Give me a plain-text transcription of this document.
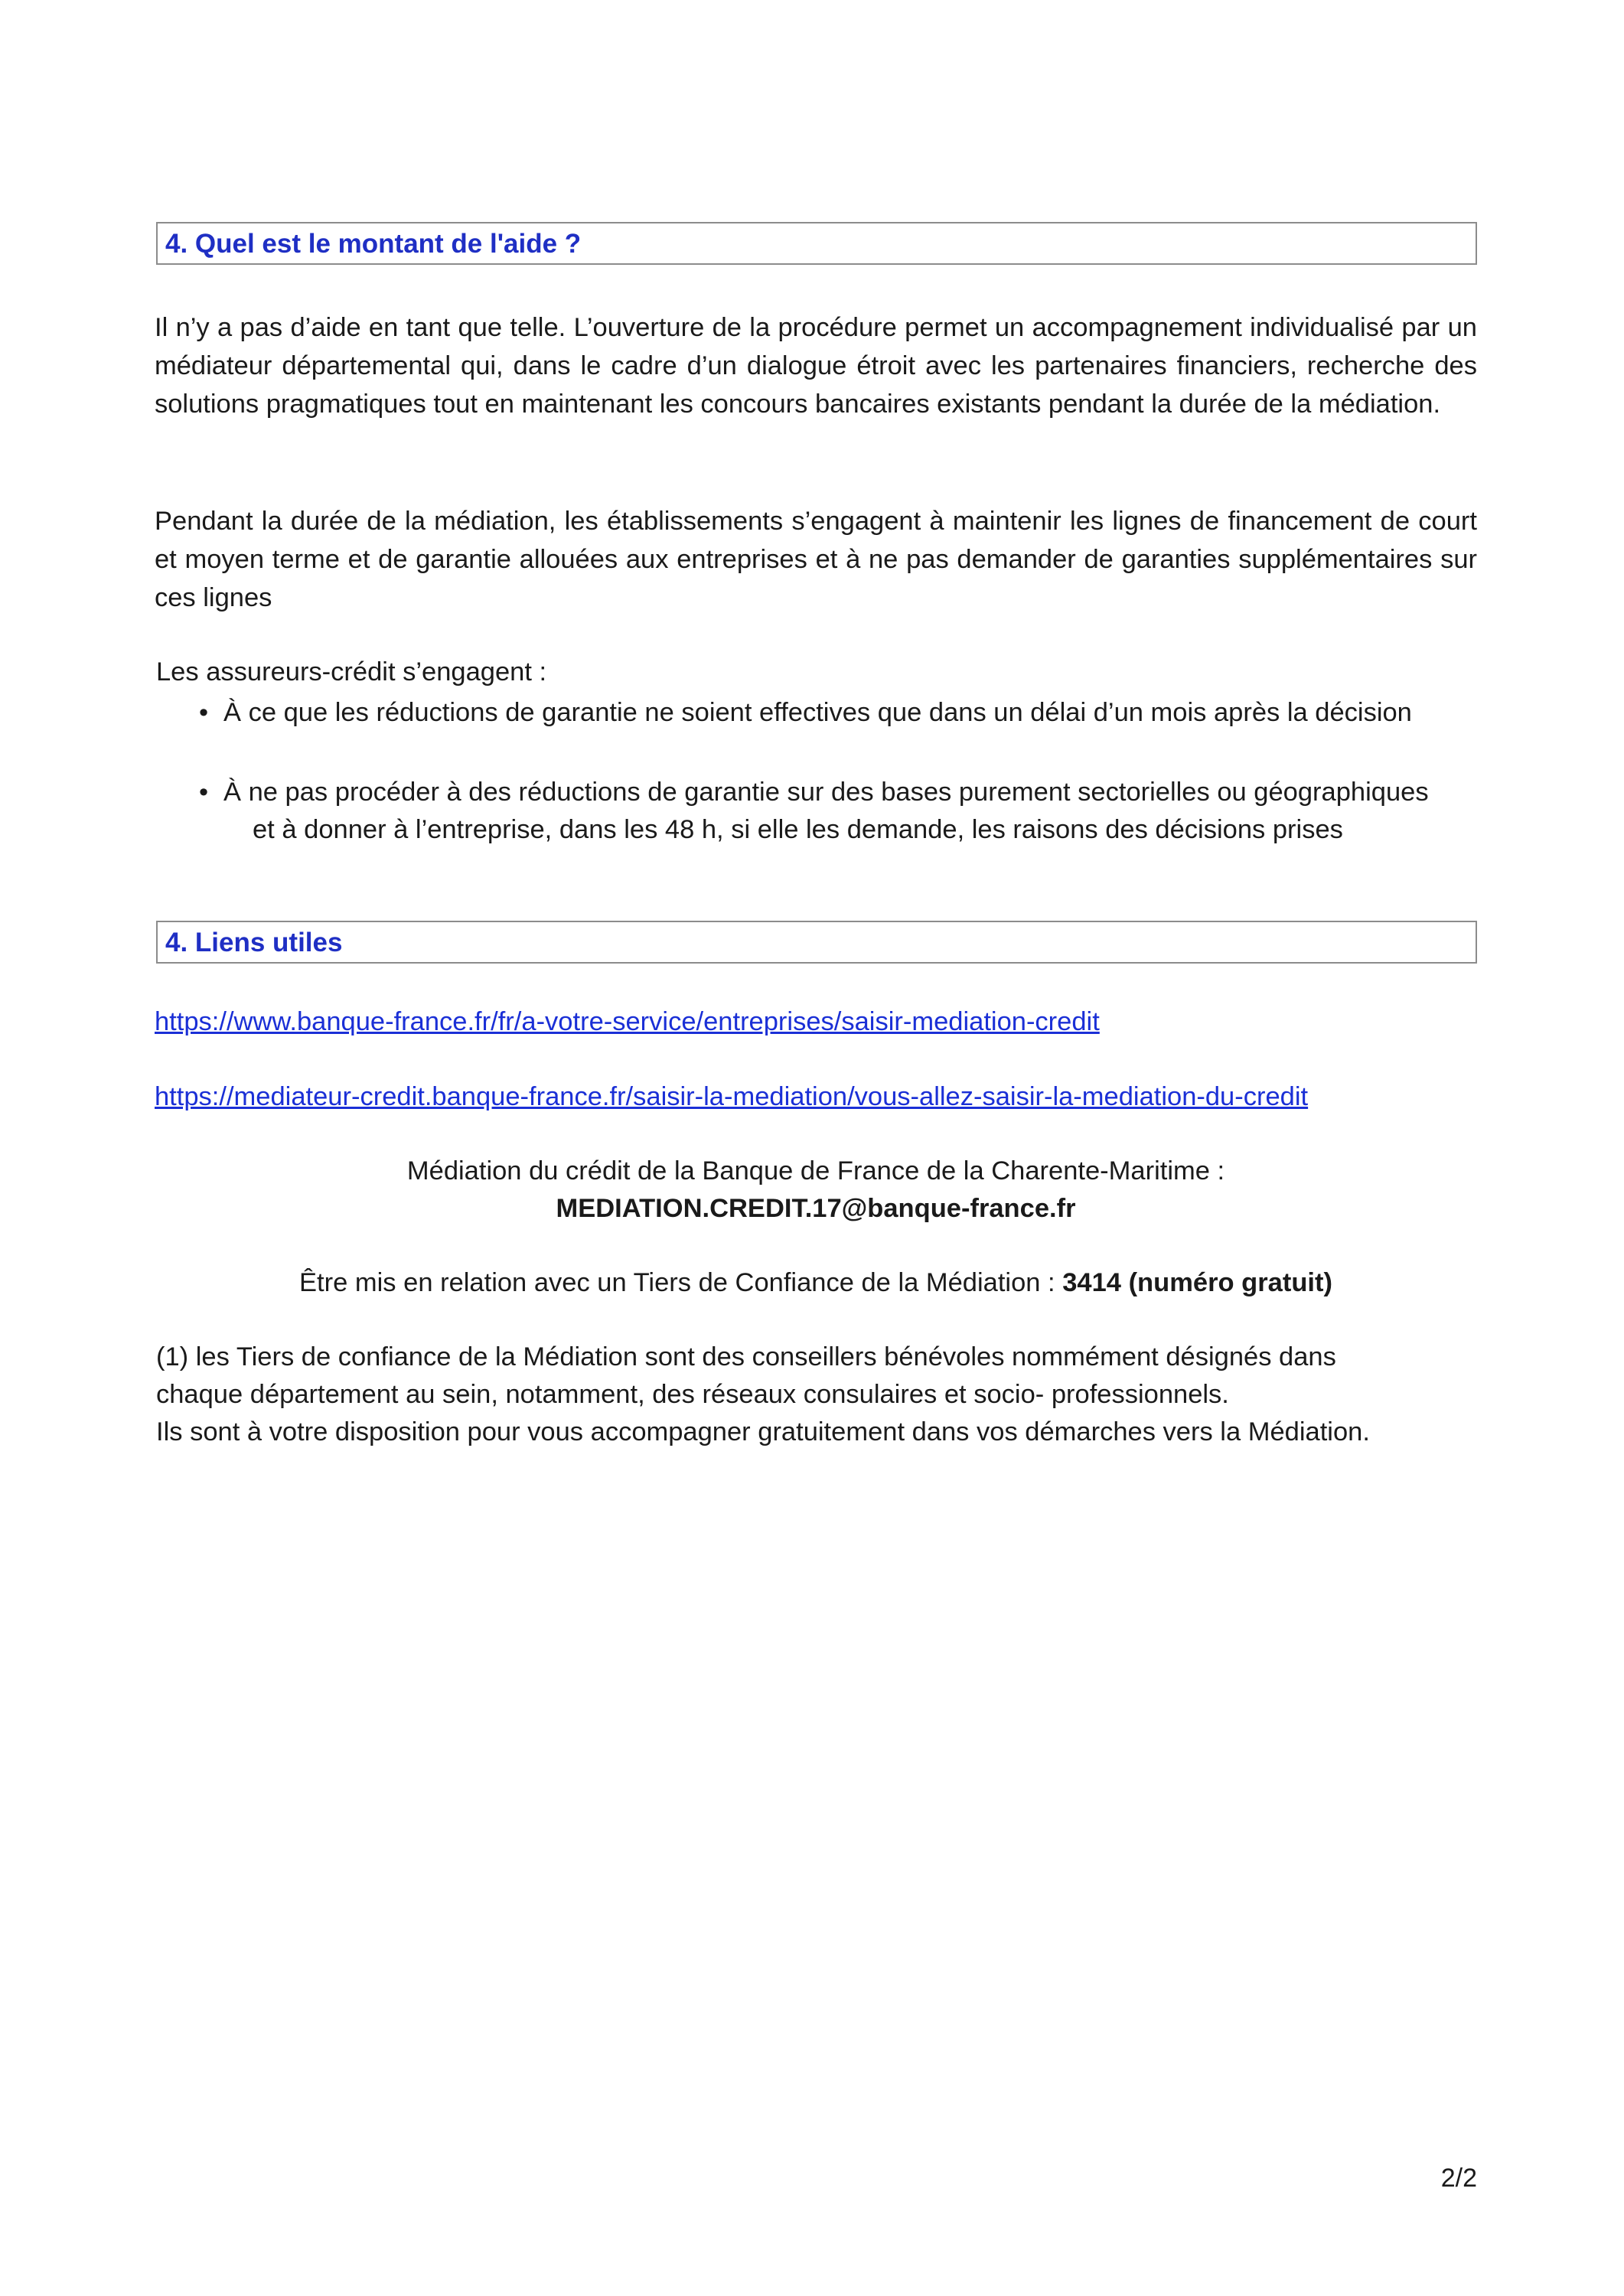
4. Quel est le montant de l'aide ?

Il n’y a pas d’aide en tant que telle. L’ouverture de la procédure permet un accompagnement individualisé par un médiateur départemental qui, dans le cadre d’un dialogue étroit avec les partenaires financiers, recherche des solutions pragmatiques tout en maintenant les concours bancaires existants pendant la durée de la médiation.

Pendant la durée de la médiation, les établissements s’engagent à maintenir les lignes de financement de court et moyen terme et de garantie allouées aux entreprises et à ne pas demander de garanties supplémentaires sur ces lignes

Les assureurs-crédit s’engagent :

• À ce que les réductions de garantie ne soient effectives que dans un délai d’un mois après la décision

• À ne pas procéder à des réductions de garantie sur des bases purement sectorielles ou géographiques

et à donner à l’entreprise, dans les 48 h, si elle les demande, les raisons des décisions prises

4. Liens utiles
https://www.banque-france.fr/fr/a-votre-service/entreprises/saisir-mediation-credit
https://mediateur-credit.banque-france.fr/saisir-la-mediation/vous-allez-saisir-la-mediation-du-credit
Médiation du crédit de la Banque de France de la Charente-Maritime :
MEDIATION.CREDIT.17@banque-france.fr
Être mis en relation avec un Tiers de Confiance de la Médiation : 3414 (numéro gratuit)

(1) les Tiers de confiance de la Médiation sont des conseillers bénévoles nommément désignés dans

chaque département au sein, notamment, des réseaux consulaires et socio- professionnels.

Ils sont à votre disposition pour vous accompagner gratuitement dans vos démarches vers la Médiation.

2/2
